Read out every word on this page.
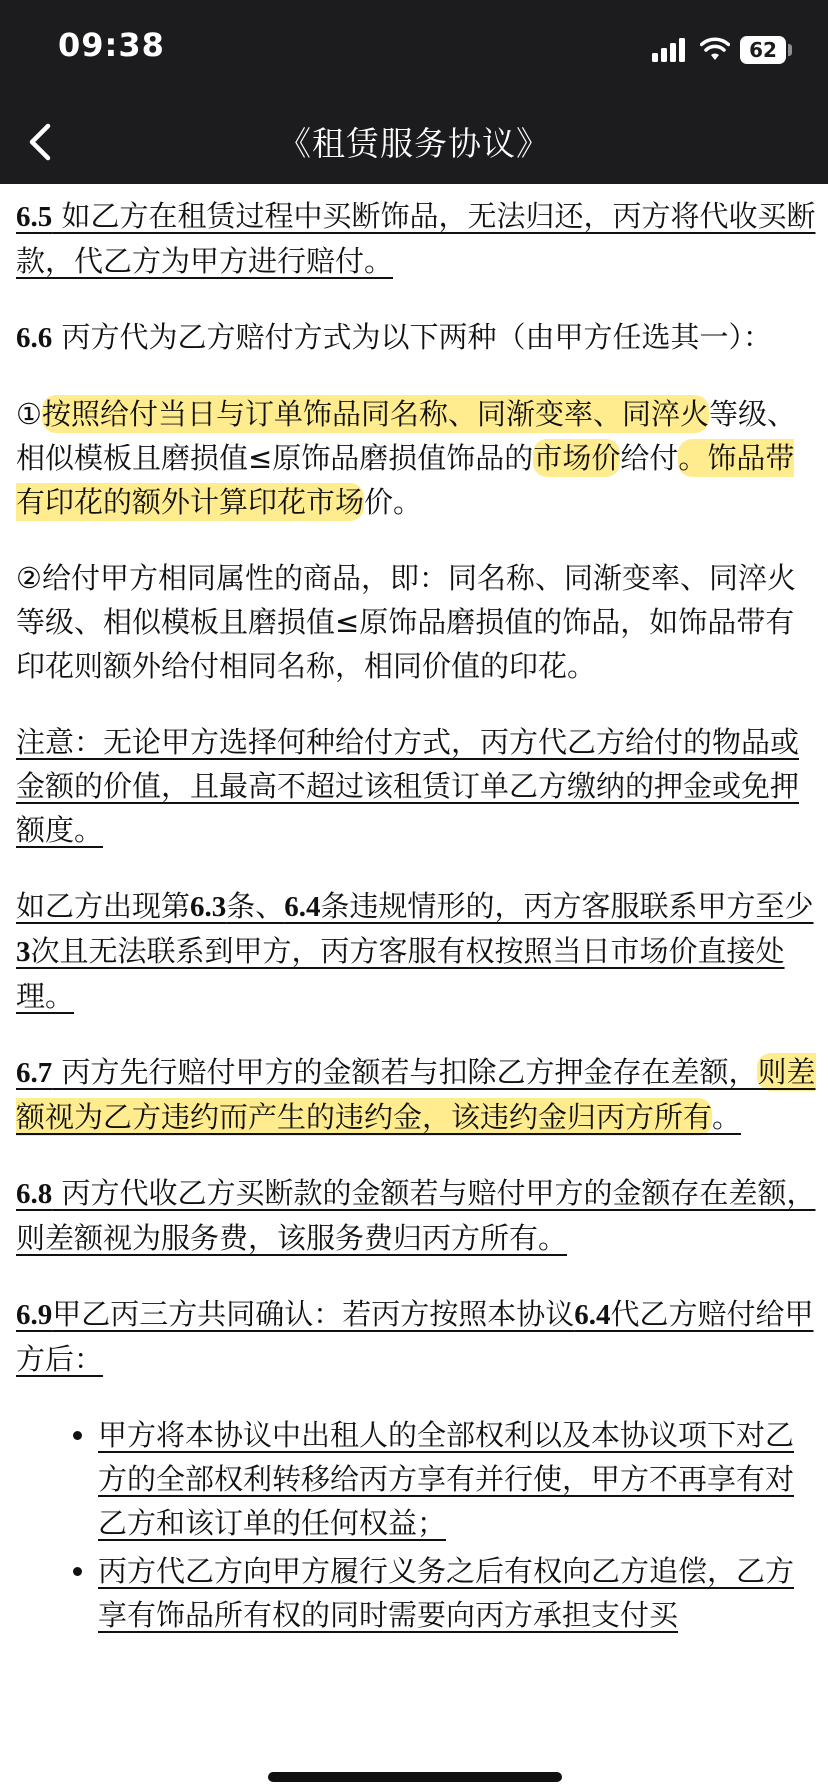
09:38	62
《租赁服务协议》

6.5 如乙方在租赁过程中买断饰品，无法归还，丙方将代收买断款，代乙方为甲方进行赔付。

6.6 丙方代为乙方赔付方式为以下两种（由甲方任选其一）：

①按照给付当日与订单饰品同名称、同渐变率、同淬火等级、相似模板且磨损值≤原饰品磨损值饰品的市场价给付。饰品带有印花的额外计算印花市场价。

②给付甲方相同属性的商品，即：同名称、同渐变率、同淬火等级、相似模板且磨损值≤原饰品磨损值的饰品，如饰品带有印花则额外给付相同名称，相同价值的印花。

注意：无论甲方选择何种给付方式，丙方代乙方给付的物品或金额的价值，且最高不超过该租赁订单乙方缴纳的押金或免押额度。

如乙方出现第6.3条、6.4条违规情形的，丙方客服联系甲方至少3次且无法联系到甲方，丙方客服有权按照当日市场价直接处理。

6.7 丙方先行赔付甲方的金额若与扣除乙方押金存在差额，则差额视为乙方违约而产生的违约金，该违约金归丙方所有。

6.8 丙方代收乙方买断款的金额若与赔付甲方的金额存在差额，则差额视为服务费，该服务费归丙方所有。

6.9甲乙丙三方共同确认：若丙方按照本协议6.4代乙方赔付给甲方后：

• 甲方将本协议中出租人的全部权利以及本协议项下对乙方的全部权利转移给丙方享有并行使，甲方不再享有对乙方和该订单的任何权益；
• 丙方代乙方向甲方履行义务之后有权向乙方追偿，乙方享有饰品所有权的同时需要向丙方承担支付买
